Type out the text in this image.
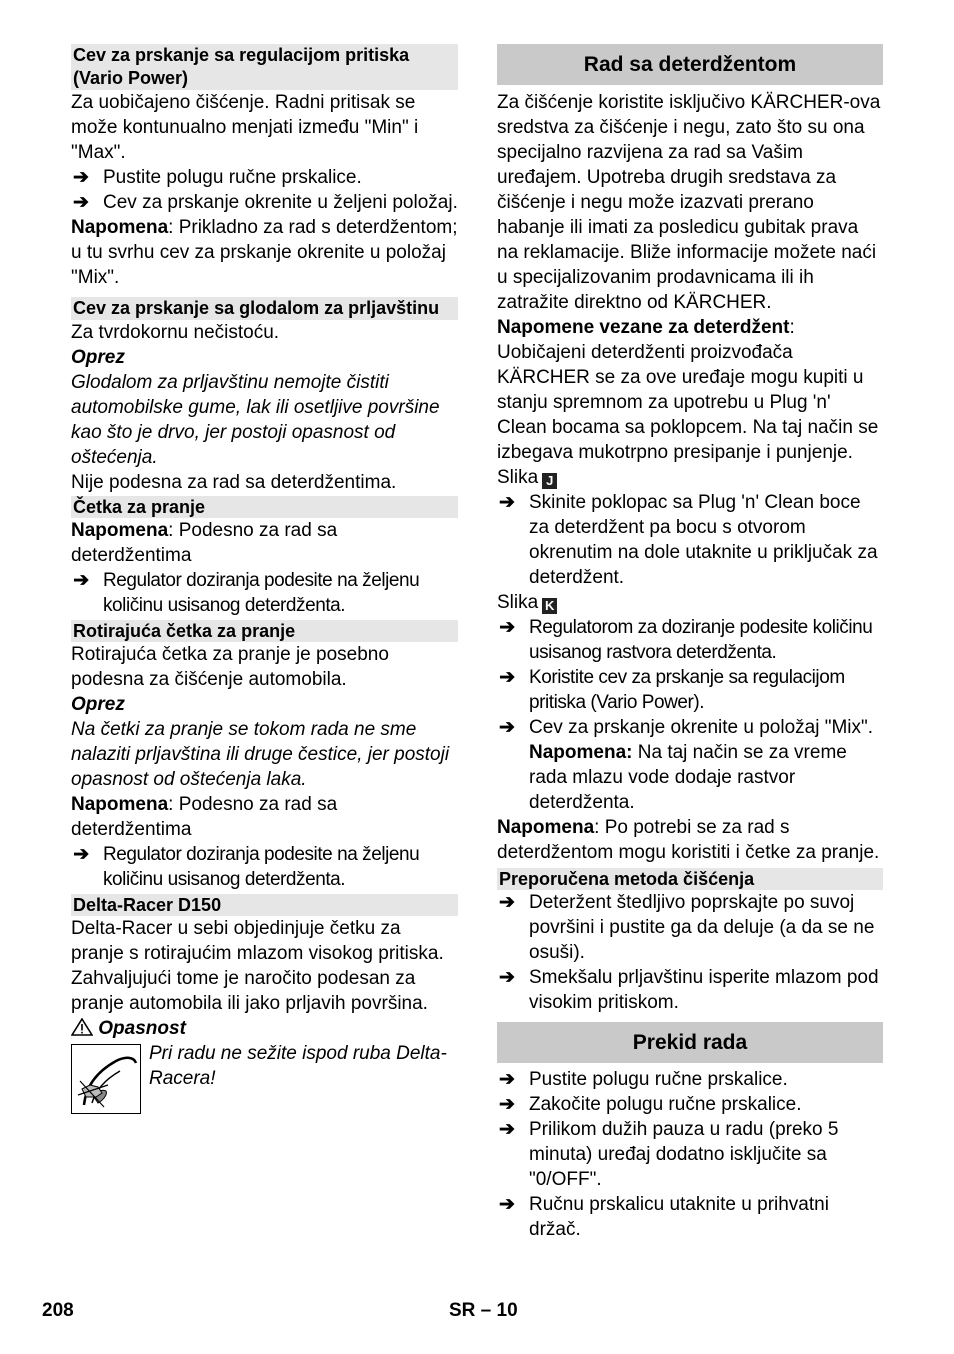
Cev za prskanje sa regulacijom pritiska (Vario Power)

Za uobičajeno čišćenje. Radni pritisak se može kontunualno menjati između "Min" i "Max".

➔ Pustite polugu ručne prskalice.

➔ Cev za prskanje okrenite u željeni položaj.

Napomena: Prikladno za rad s deterdžentom; u tu svrhu cev za prskanje okrenite u položaj "Mix".

Cev za prskanje sa glodalom za prljavštinu

Za tvrdokornu nečistoću.

Oprez

Glodalom za prljavštinu nemojte čistiti automobilske gume, lak ili osetljive površine kao što je drvo, jer postoji opasnost od oštećenja.

Nije podesna za rad sa deterdžentima.

Četka za pranje

Napomena: Podesno za rad sa deterdžentima

➔ Regulator doziranja podesite na željenu količinu usisanog deterdženta.

Rotirajuća četka za pranje

Rotirajuća četka za pranje je posebno podesna za čišćenje automobila.

Oprez

Na četki za pranje se tokom rada ne sme nalaziti prljavština ili druge čestice, jer postoji opasnost od oštećenja laka.

Napomena: Podesno za rad sa deterdžentima

➔ Regulator doziranja podesite na željenu količinu usisanog deterdženta.

Delta-Racer D150

Delta-Racer u sebi objedinjuje četku za pranje s rotirajućim mlazom visokog pritiska. Zahvaljujući tome je naročito podesan za pranje automobila ili jako prljavih površina.

Opasnost

Pri radu ne sežite ispod ruba Delta-Racera!

Rad sa deterdžentom

Za čišćenje koristite isključivo KÄRCHER-ova sredstva za čišćenje i negu, zato što su ona specijalno razvijena za rad sa Vašim uređajem. Upotreba drugih sredstava za čišćenje i negu može izazvati prerano habanje ili imati za posledicu gubitak prava na reklamacije. Bliže informacije možete naći u specijalizovanim prodavnicama ili ih zatražite direktno od KÄRCHER.

Napomene vezane za deterdžent: Uobičajeni deterdženti proizvođača KÄRCHER se za ove uređaje mogu kupiti u stanju spremnom za upotrebu u Plug 'n' Clean bocama sa poklopcem. Na taj način se izbegava mukotrpno presipanje i punjenje.

Slika J

➔ Skinite poklopac sa Plug 'n' Clean boce za deterdžent pa bocu s otvorom okrenutim na dole utaknite u priključak za deterdžent.

Slika K

➔ Regulatorom za doziranje podesite količinu usisanog rastvora deterdženta.

➔ Koristite cev za prskanje sa regulacijom pritiska (Vario Power).

➔ Cev za prskanje okrenite u položaj "Mix".

Napomena: Na taj način se za vreme rada mlazu vode dodaje rastvor deterdženta.

Napomena: Po potrebi se za rad s deterdžentom mogu koristiti i četke za pranje.

Preporučena metoda čišćenja

➔ Deteržent štedljivo poprskajte po suvoj površini i pustite ga da deluje (a da se ne osuši).

➔ Smekšalu prljavštinu isperite mlazom pod visokim pritiskom.

Prekid rada

➔ Pustite polugu ručne prskalice.

➔ Zakočite polugu ručne prskalice.

➔ Prilikom dužih pauza u radu (preko 5 minuta) uređaj dodatno isključite sa "0/OFF".

➔ Ručnu prskalicu utaknite u prihvatni držač.

208	SR – 10
